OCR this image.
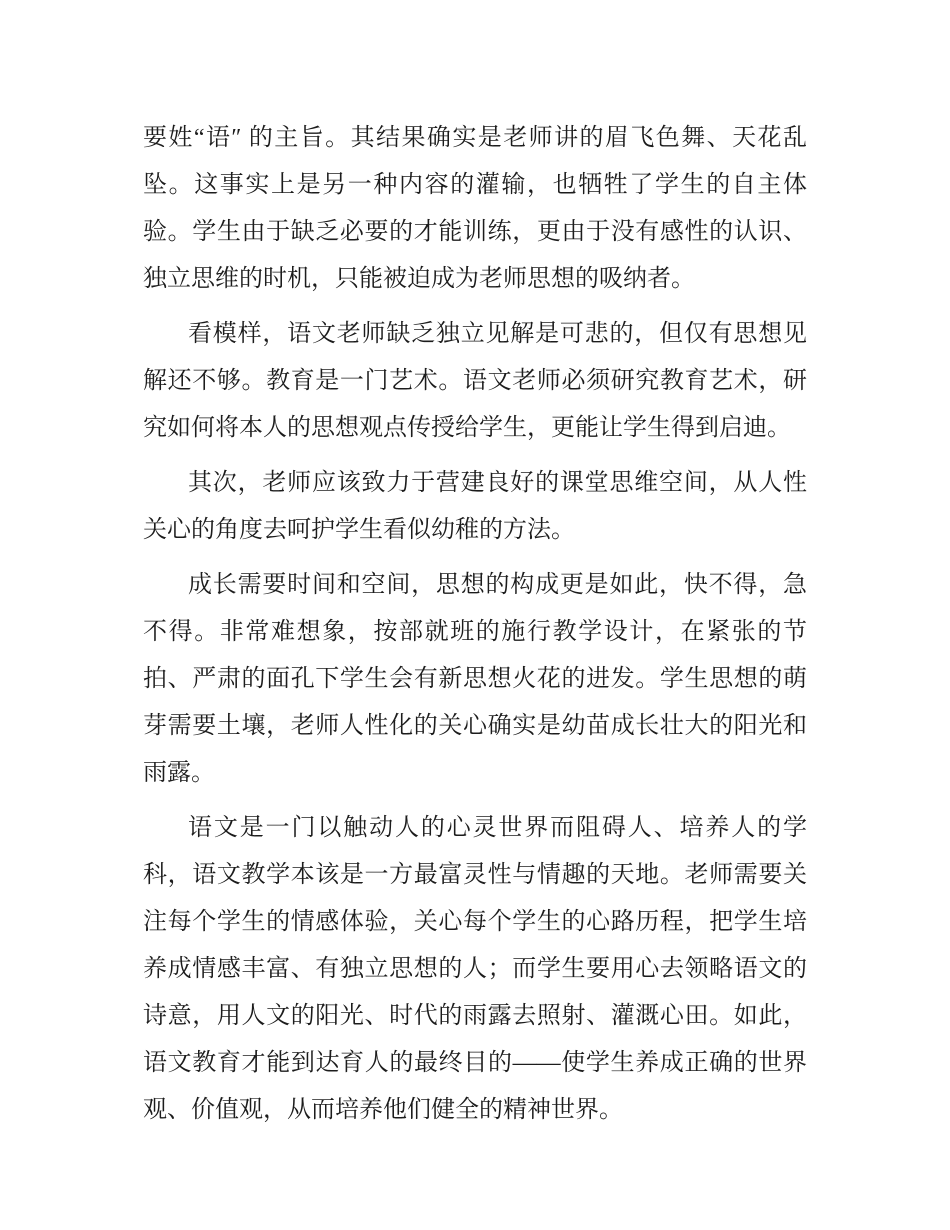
要姓“语″ 的主旨。其结果确实是老师讲的眉飞色舞、天花乱坠。这事实上是另一种内容的灌输，也牺牲了学生的自主体验。学生由于缺乏必要的才能训练，更由于没有感性的认识、独立思维的时机，只能被迫成为老师思想的吸纳者。

看模样，语文老师缺乏独立见解是可悲的，但仅有思想见解还不够。教育是一门艺术。语文老师必须研究教育艺术，研究如何将本人的思想观点传授给学生，更能让学生得到启迪。

其次，老师应该致力于营建良好的课堂思维空间，从人性关心的角度去呵护学生看似幼稚的方法。

成长需要时间和空间，思想的构成更是如此，快不得，急不得。非常难想象，按部就班的施行教学设计，在紧张的节拍、严肃的面孔下学生会有新思想火花的进发。学生思想的萌芽需要土壤，老师人性化的关心确实是幼苗成长壮大的阳光和雨露。

语文是一门以触动人的心灵世界而阻碍人、培养人的学科，语文教学本该是一方最富灵性与情趣的天地。老师需要关注每个学生的情感体验，关心每个学生的心路历程，把学生培养成情感丰富、有独立思想的人；而学生要用心去领略语文的诗意，用人文的阳光、时代的雨露去照射、灌溉心田。如此，语文教育才能到达育人的最终目的——使学生养成正确的世界观、价值观，从而培养他们健全的精神世界。
